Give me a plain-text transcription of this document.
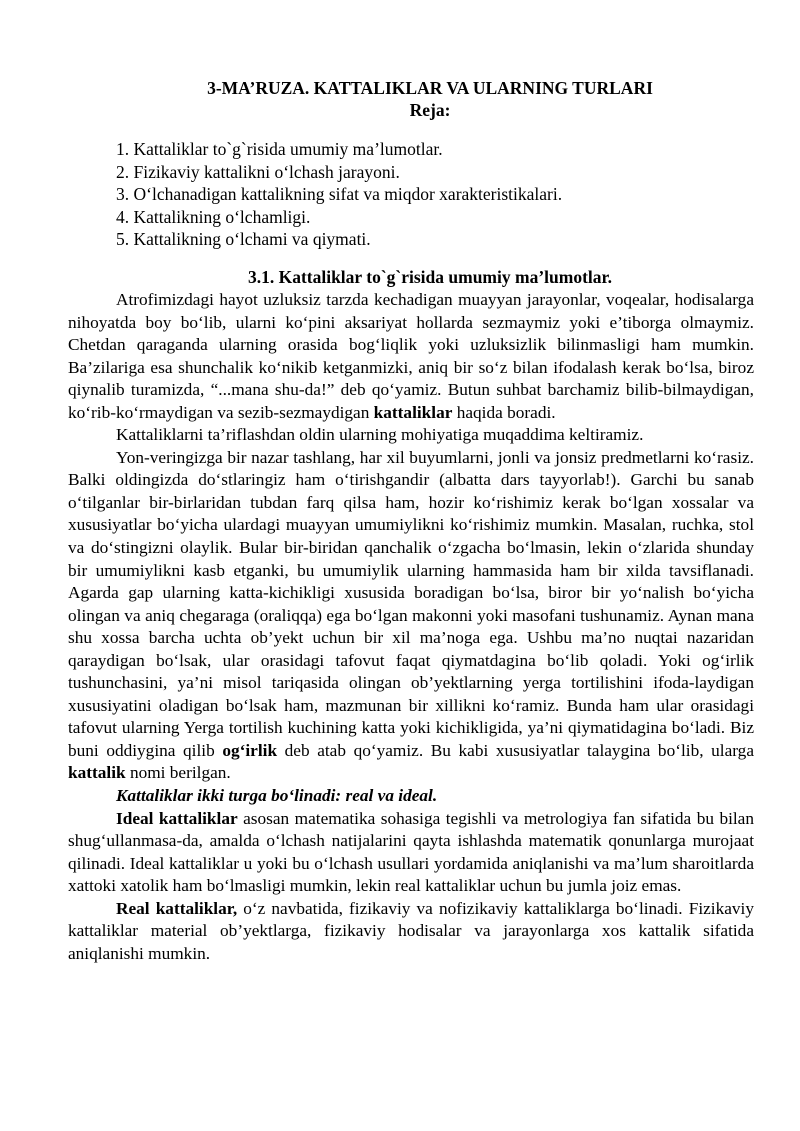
3-MA’RUZA. KATTALIKLAR VA ULARNING TURLARI
Reja:
1. Kattaliklar to`g`risida umumiy ma’lumotlar.
2. Fizikaviy kattalikni o‘lchash jarayoni.
3. O‘lchanadigan kattalikning sifat va miqdor xarakteristikalari.
4. Kattalikning o‘lchamligi.
5. Kattalikning o‘lchami va qiymati.
3.1. Kattaliklar to`g`risida umumiy ma’lumotlar.

Atrofimizdagi hayot uzluksiz tarzda kechadigan muayyan jarayonlar, voqealar, hodisalarga nihoyatda boy bo‘lib, ularni ko‘pini aksariyat hollarda sezmaymiz yoki e’tiborga olmaymiz. Chetdan qaraganda ularning orasida bog‘liqlik yoki uzluksizlik bilinmasligi ham mumkin. Ba’zilariga esa shunchalik ko‘nikib ketganmizki, aniq bir so‘z bilan ifodalash kerak bo‘lsa, biroz qiynalib turamizda, “...mana shu-da!” deb qo‘yamiz. Butun suhbat barchamiz bilib-bilmaydigan, ko‘rib-ko‘rmaydigan va sezib-sezmaydigan kattaliklar haqida boradi.

Kattaliklarni ta’riflashdan oldin ularning mohiyatiga muqaddima keltiramiz.

Yon-veringizga bir nazar tashlang, har xil buyumlarni, jonli va jonsiz predmetlarni ko‘rasiz. Balki oldingizda do‘stlaringiz ham o‘tirishgandir (albatta dars tayyorlab!). Garchi bu sanab o‘tilganlar bir-birlaridan tubdan farq qilsa ham, hozir ko‘rishimiz kerak bo‘lgan xossalar va xususiyatlar bo‘yicha ulardagi muayyan umumiylikni ko‘rishimiz mumkin. Masalan, ruchka, stol va do‘stingizni olaylik. Bular bir-biridan qanchalik o‘zgacha bo‘lmasin, lekin o‘zlarida shunday bir umumiylikni kasb etganki, bu umumiylik ularning hammasida ham bir xilda tavsiflanadi. Agarda gap ularning katta-kichikligi xususida boradigan bo‘lsa, biror bir yo‘nalish bo‘yicha olingan va aniq chegaraga (oraliqqa) ega bo‘lgan makonni yoki masofani tushunamiz. Aynan mana shu xossa barcha uchta ob’yekt uchun bir xil ma’noga ega. Ushbu ma’no nuqtai nazaridan qaraydigan bo‘lsak, ular orasidagi tafovut faqat qiymatdagina bo‘lib qoladi. Yoki og‘irlik tushunchasini, ya’ni misol tariqasida olingan ob’yektlarning yerga tortilishini ifoda-laydigan xususiyatini oladigan bo‘lsak ham, mazmunan bir xillikni ko‘ramiz. Bunda ham ular orasidagi tafovut ularning Yerga tortilish kuchining katta yoki kichikligida, ya’ni qiymatidagina bo‘ladi. Biz buni oddiygina qilib og‘irlik deb atab qo‘yamiz. Bu kabi xususiyatlar talaygina bo‘lib, ularga kattalik nomi berilgan.

Kattaliklar ikki turga bo‘linadi: real va ideal.

Ideal kattaliklar asosan matematika sohasiga tegishli va metrologiya fan sifatida bu bilan shug‘ullanmasa-da, amalda o‘lchash natijalarini qayta ishlashda matematik qonunlarga murojaat qilinadi. Ideal kattaliklar u yoki bu o‘lchash usullari yordamida aniqlanishi va ma’lum sharoitlarda xattoki xatolik ham bo‘lmasligi mumkin, lekin real kattaliklar uchun bu jumla joiz emas.

Real kattaliklar, o‘z navbatida, fizikaviy va nofizikaviy kattaliklarga bo‘linadi. Fizikaviy kattaliklar material ob’yektlarga, fizikaviy hodisalar va jarayonlarga xos kattalik sifatida aniqlanishi mumkin.
